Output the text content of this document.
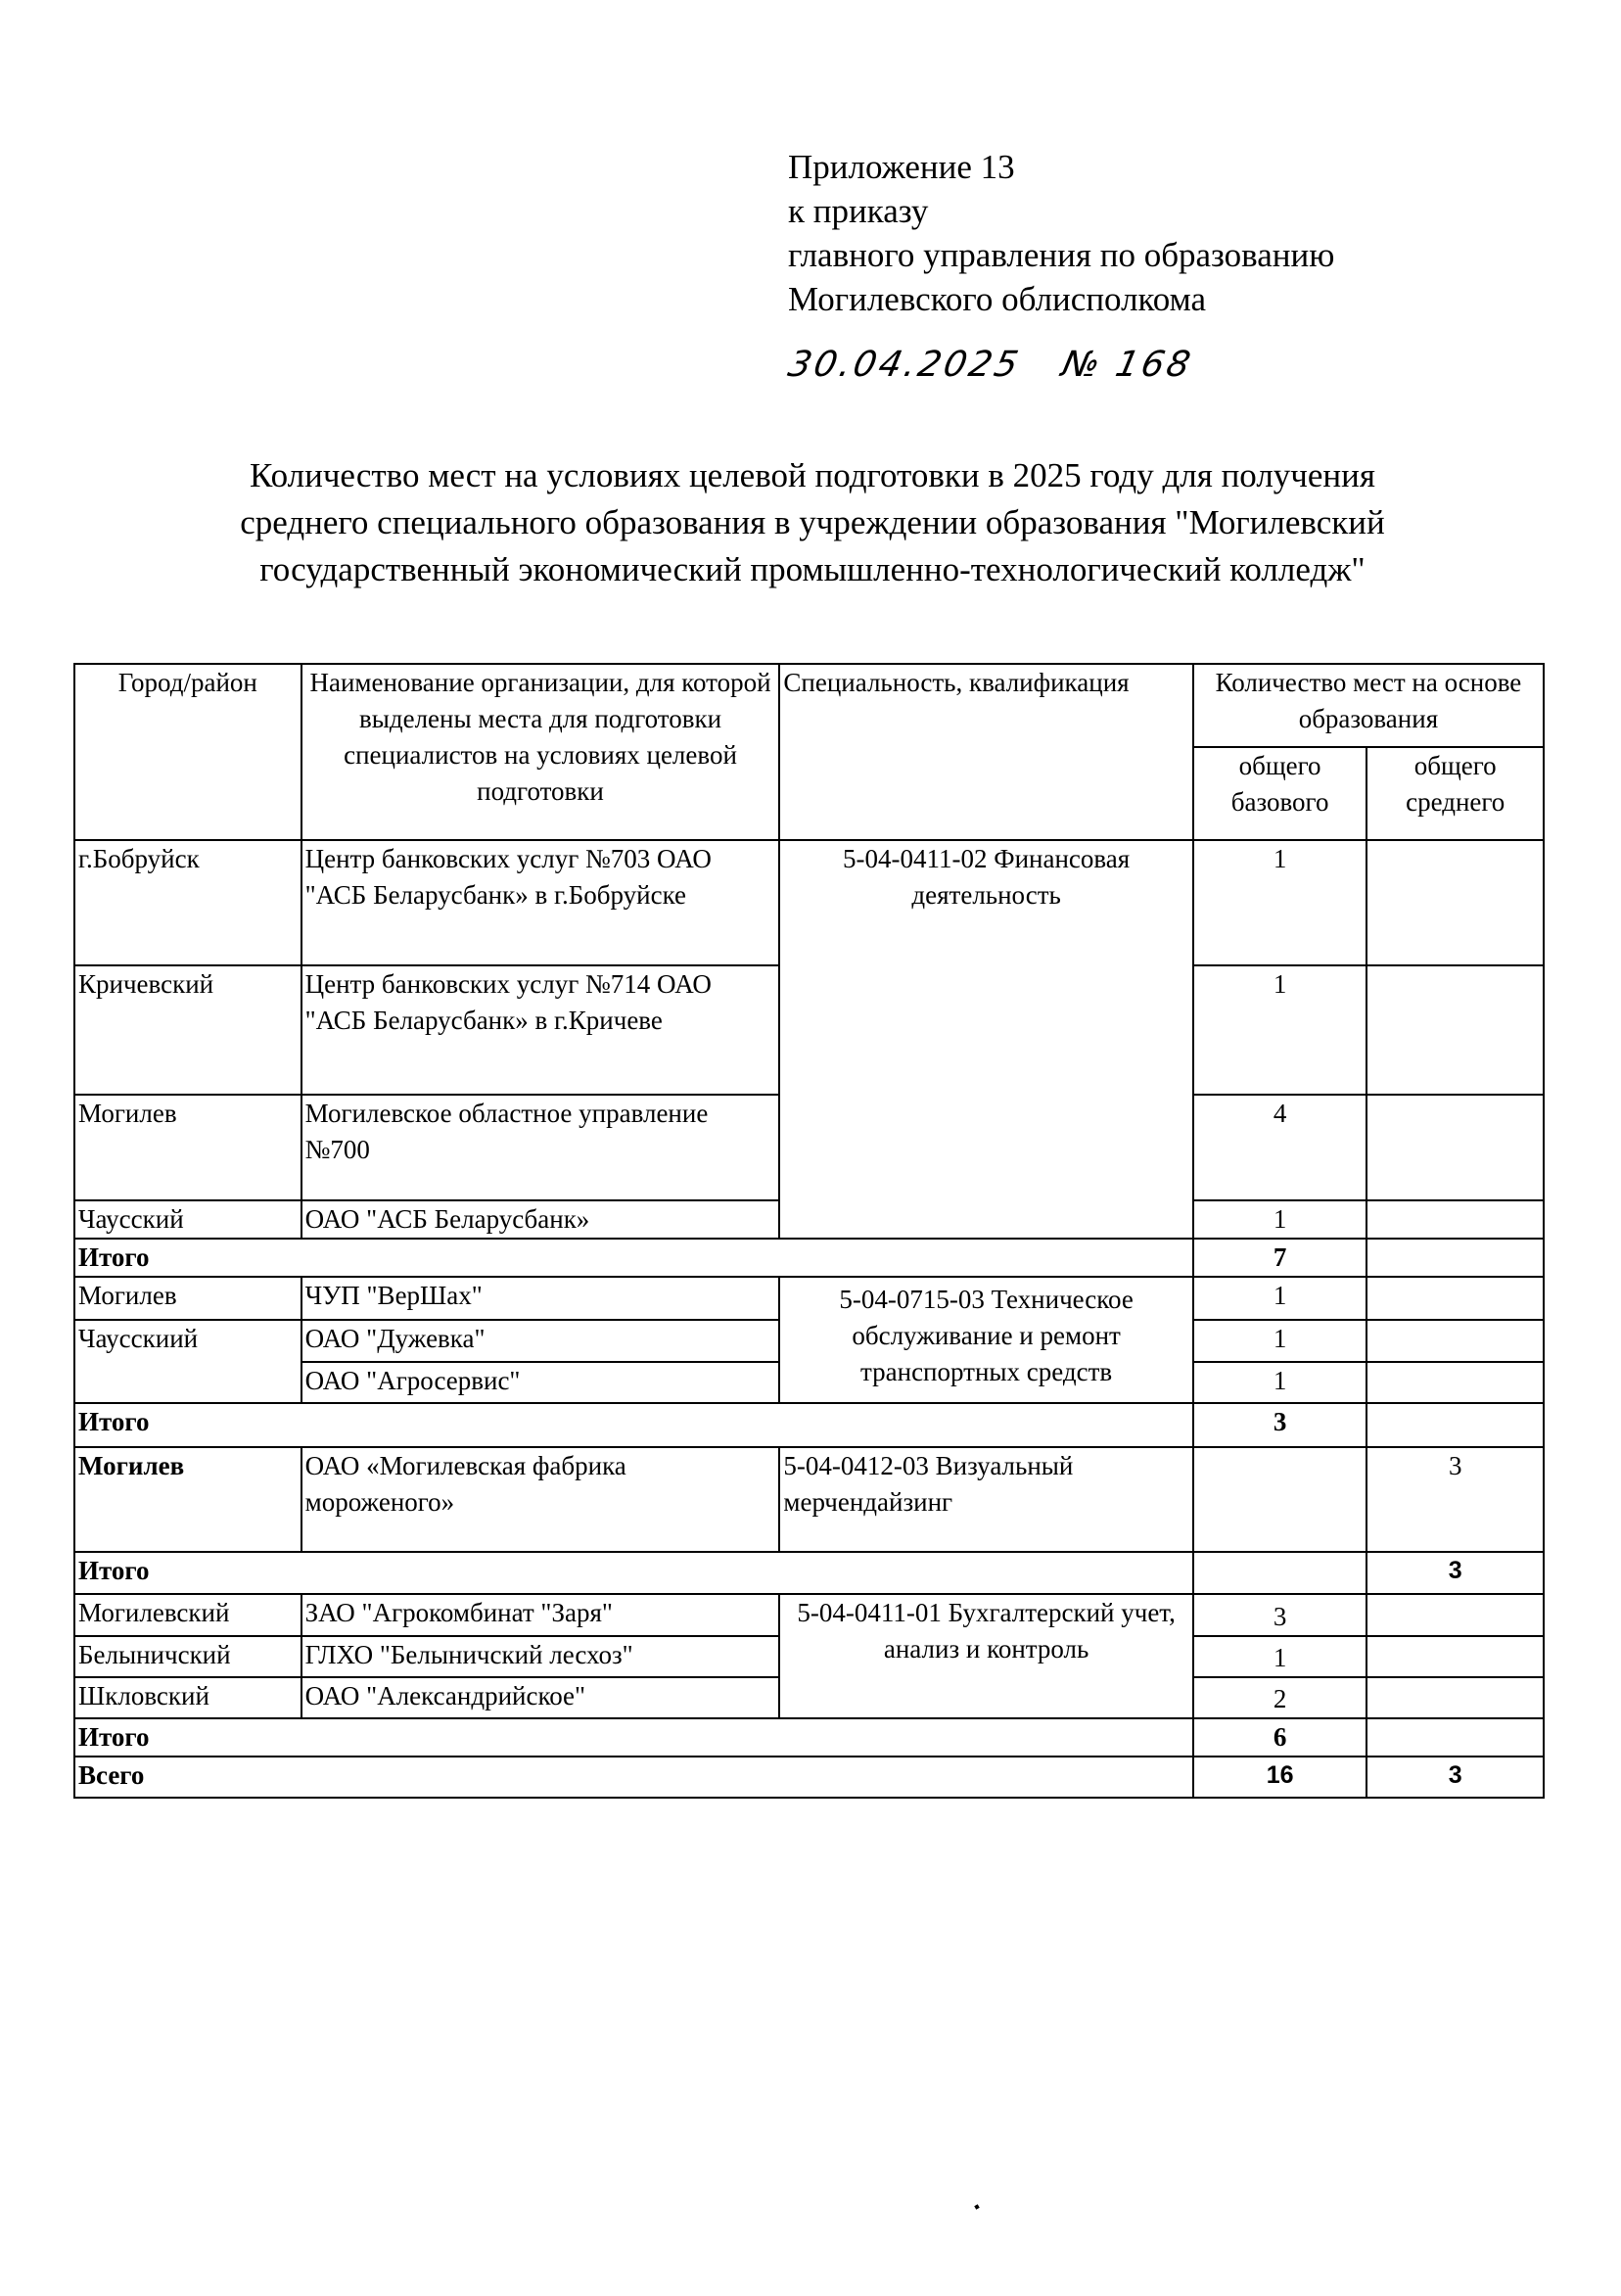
Приложение 13
к приказу
главного управления по образованию
Могилевского облисполкома
30.04.2025 № 168
Количество мест на условиях целевой подготовки в 2025 году для получения
среднего специального образования в учреждении образования "Могилевский
государственный экономический промышленно-технологический колледж"
Город/район	Наименование организации, для которой выделены места для подготовки специалистов на условиях целевой подготовки	Специальность, квалификация	Количество мест на основе образования	
			общего базового	общего среднего
г.Бобруйск	Центр банковских услуг №703 ОАО "АСБ Беларусбанк» в г.Бобруйске	5-04-0411-02 Финансовая деятельность	1	
Кричевский	Центр банковских услуг №714 ОАО "АСБ Беларусбанк» в г.Кричеве		1	
Могилев	Могилевское областное управление №700		4	
Чаусский	ОАО "АСБ Беларусбанк»		1	
Итого			7	
Могилев	ЧУП "ВерШах"	5-04-0715-03 Техническое обслуживание и ремонт транспортных средств	1	
Чаусскиий	ОАО "Дужевка"		1	
	ОАО "Агросервис"		1	
Итого			3	
Могилев	ОАО «Могилевская фабрика мороженого»	5-04-0412-03 Визуальный мерчендайзинг		3
Итого				3
Могилевский	ЗАО "Агрокомбинат "Заря"	5-04-0411-01 Бухгалтерский учет, анализ и контроль	3	
Белыничский	ГЛХО "Белыничский лесхоз"		1	
Шкловский	ОАО "Александрийское"		2	
Итого			6	
Всего			16	3
